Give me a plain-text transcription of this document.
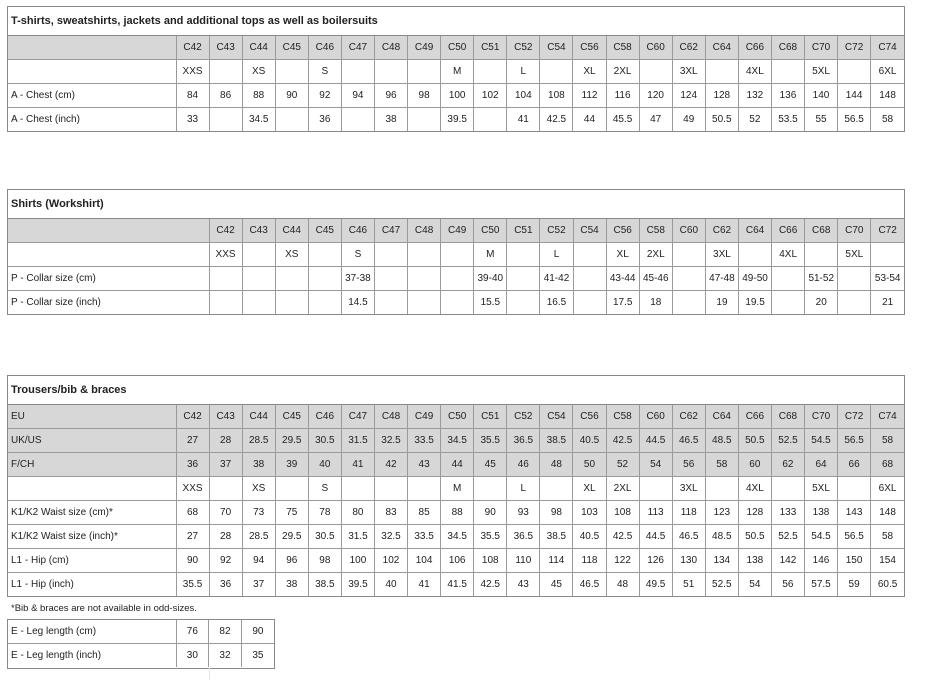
T-shirts, sweatshirts, jackets and additional tops as well as boilersuits
	C42	C43	C44	C45	C46	C47	C48	C49	C50	C51	C52	C54	C56	C58	C60	C62	C64	C66	C68	C70	C72	C74
	XXS		XS		S				M		L		XL	2XL		3XL		4XL		5XL		6XL
A - Chest (cm)	84	86	88	90	92	94	96	98	100	102	104	108	112	116	120	124	128	132	136	140	144	148
A - Chest (inch)	33		34.5		36		38		39.5		41	42.5	44	45.5	47	49	50.5	52	53.5	55	56.5	58
Shirts (Workshirt)
	C42	C43	C44	C45	C46	C47	C48	C49	C50	C51	C52	C54	C56	C58	C60	C62	C64	C66	C68	C70	C72
	XXS		XS		S				M		L		XL	2XL		3XL		4XL		5XL	
P - Collar size (cm)					37-38				39-40		41-42		43-44	45-46		47-48	49-50		51-52		53-54
P - Collar size (inch)					14.5				15.5		16.5		17.5	18		19	19.5		20		21
Trousers/bib & braces
EU	C42	C43	C44	C45	C46	C47	C48	C49	C50	C51	C52	C54	C56	C58	C60	C62	C64	C66	C68	C70	C72	C74
UK/US	27	28	28.5	29.5	30.5	31.5	32.5	33.5	34.5	35.5	36.5	38.5	40.5	42.5	44.5	46.5	48.5	50.5	52.5	54.5	56.5	58
F/CH	36	37	38	39	40	41	42	43	44	45	46	48	50	52	54	56	58	60	62	64	66	68
	XXS		XS		S				M		L		XL	2XL		3XL		4XL		5XL		6XL
K1/K2 Waist size (cm)*	68	70	73	75	78	80	83	85	88	90	93	98	103	108	113	118	123	128	133	138	143	148
K1/K2 Waist size (inch)*	27	28	28.5	29.5	30.5	31.5	32.5	33.5	34.5	35.5	36.5	38.5	40.5	42.5	44.5	46.5	48.5	50.5	52.5	54.5	56.5	58
L1 - Hip (cm)	90	92	94	96	98	100	102	104	106	108	110	114	118	122	126	130	134	138	142	146	150	154
L1 - Hip (inch)	35.5	36	37	38	38.5	39.5	40	41	41.5	42.5	43	45	46.5	48	49.5	51	52.5	54	56	57.5	59	60.5
*Bib & braces are not available in odd-sizes.
E - Leg length (cm)	76	82	90
E - Leg length (inch)	30	32	35
